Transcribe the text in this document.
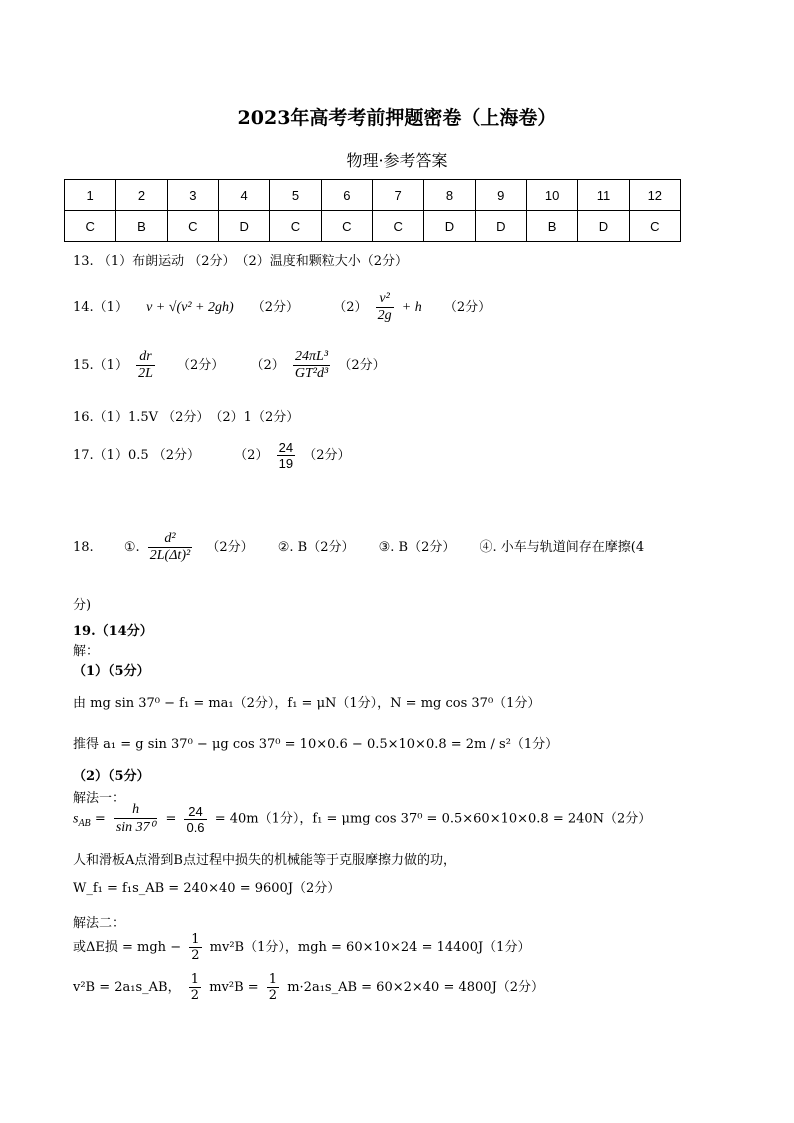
2023年高考考前押题密卷（上海卷）
物理·参考答案
1	2	3	4	5	6	7	8	9	10	11	12
C	B	C	D	C	C	C	D	D	B	D	C
13. （1）布朗运动 （2分）　（2）温度和颗粒大小（2分）
14.（1） v + √(v² + 2gh) （2分）	$(2) \frac{\text{v²}}{2g} + h$ （2分）
$15.(1) \frac{dr}{2L} (2$分） $(2) \frac{\text{24πL³}}{\text{GT²d³}} (2$分）
16.（1）1.5V （2分）　（2）1（2分）
17.（1）0.5 （2分）	$(2) \frac{24}{19} (2$分）
18. ①. $\frac{\text{d²}}{\text{2L(Δt)²}} (2$分） ②. B（2分） ③. B（2分） ④. 小车与轨道间存在摩擦(4
分)
19.（14分）
解：
（1）（5分）
由 mg sin 37⁰ − f₁ = ma₁（2分），f₁ = μN（1分），N = mg cos 37⁰（1分）
推得 a₁ = g sin 37⁰ − μg cos 37⁰ = 10×0.6 − 0.5×10×0.8 = 2m / s²（1分）
（2）（5分）
解法一：
$s_{AB} = \frac{h}{\text{sin 37⁰}} = \frac{24}{0.6} = 40m(1$分），f₁ = μmg cos 37⁰ = 0.5×60×10×0.8 = 240N（2分）
人和滑板A点滑到B点过程中损失的机械能等于克服摩擦力做的功，
W_f₁ = f₁s_AB = 240×40 = 9600J（2分）
解法二：
或ΔE损 = mgh − $\frac{1}{2} mv^2B(1$分），mgh = 60×10×24 = 14400J（1分）
v²B = 2a₁s_AB， $\frac{1}{2} mv^2B = \frac{1}{2}$ m·2a₁s_AB = 60×2×40 = 4800J（2分）
